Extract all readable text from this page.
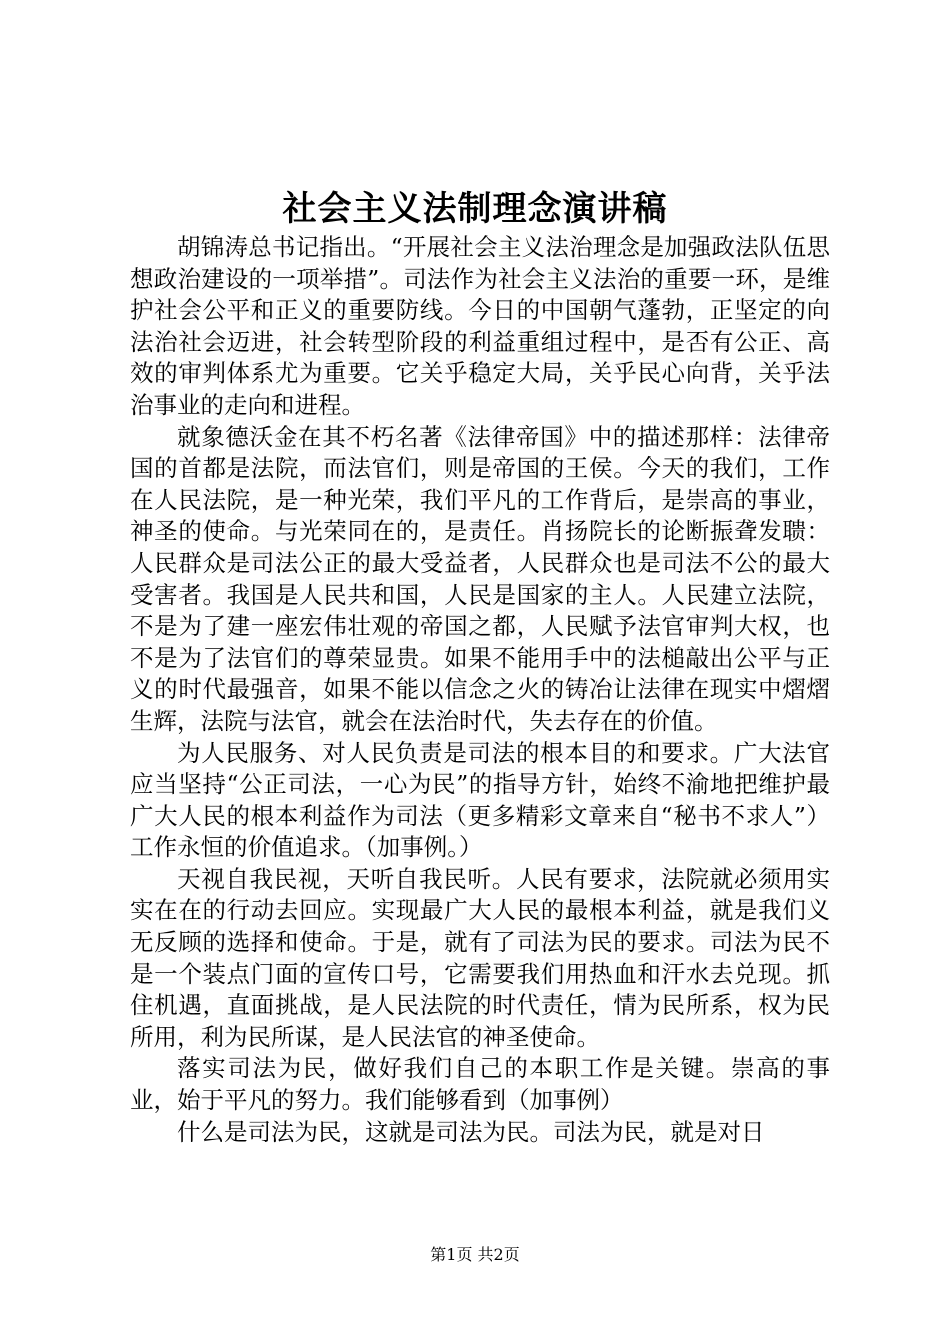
社会主义法制理念演讲稿

胡锦涛总书记指出。“开展社会主义法治理念是加强政法队伍思想政治建设的一项举措”。司法作为社会主义法治的重要一环，是维护社会公平和正义的重要防线。今日的中国朝气蓬勃，正坚定的向法治社会迈进，社会转型阶段的利益重组过程中，是否有公正、高效的审判体系尤为重要。它关乎稳定大局，关乎民心向背，关乎法治事业的走向和进程。

就象德沃金在其不朽名著《法律帝国》中的描述那样：法律帝国的首都是法院，而法官们，则是帝国的王侯。今天的我们，工作在人民法院，是一种光荣，我们平凡的工作背后，是崇高的事业，神圣的使命。与光荣同在的，是责任。肖扬院长的论断振聋发聩：人民群众是司法公正的最大受益者，人民群众也是司法不公的最大受害者。我国是人民共和国，人民是国家的主人。人民建立法院，不是为了建一座宏伟壮观的帝国之都，人民赋予法官审判大权，也不是为了法官们的尊荣显贵。如果不能用手中的法槌敲出公平与正义的时代最强音，如果不能以信念之火的铸冶让法律在现实中熠熠生辉，法院与法官，就会在法治时代，失去存在的价值。

为人民服务、对人民负责是司法的根本目的和要求。广大法官应当坚持“公正司法，一心为民”的指导方针，始终不渝地把维护最广大人民的根本利益作为司法（更多精彩文章来自“秘书不求人”）工作永恒的价值追求。（加事例。）

天视自我民视，天听自我民听。人民有要求，法院就必须用实实在在的行动去回应。实现最广大人民的最根本利益，就是我们义无反顾的选择和使命。于是，就有了司法为民的要求。司法为民不是一个装点门面的宣传口号，它需要我们用热血和汗水去兑现。抓住机遇，直面挑战，是人民法院的时代责任，情为民所系，权为民所用，利为民所谋，是人民法官的神圣使命。

落实司法为民，做好我们自己的本职工作是关键。崇高的事业，始于平凡的努力。我们能够看到（加事例）

什么是司法为民，这就是司法为民。司法为民，就是对日

第1页 共2页
